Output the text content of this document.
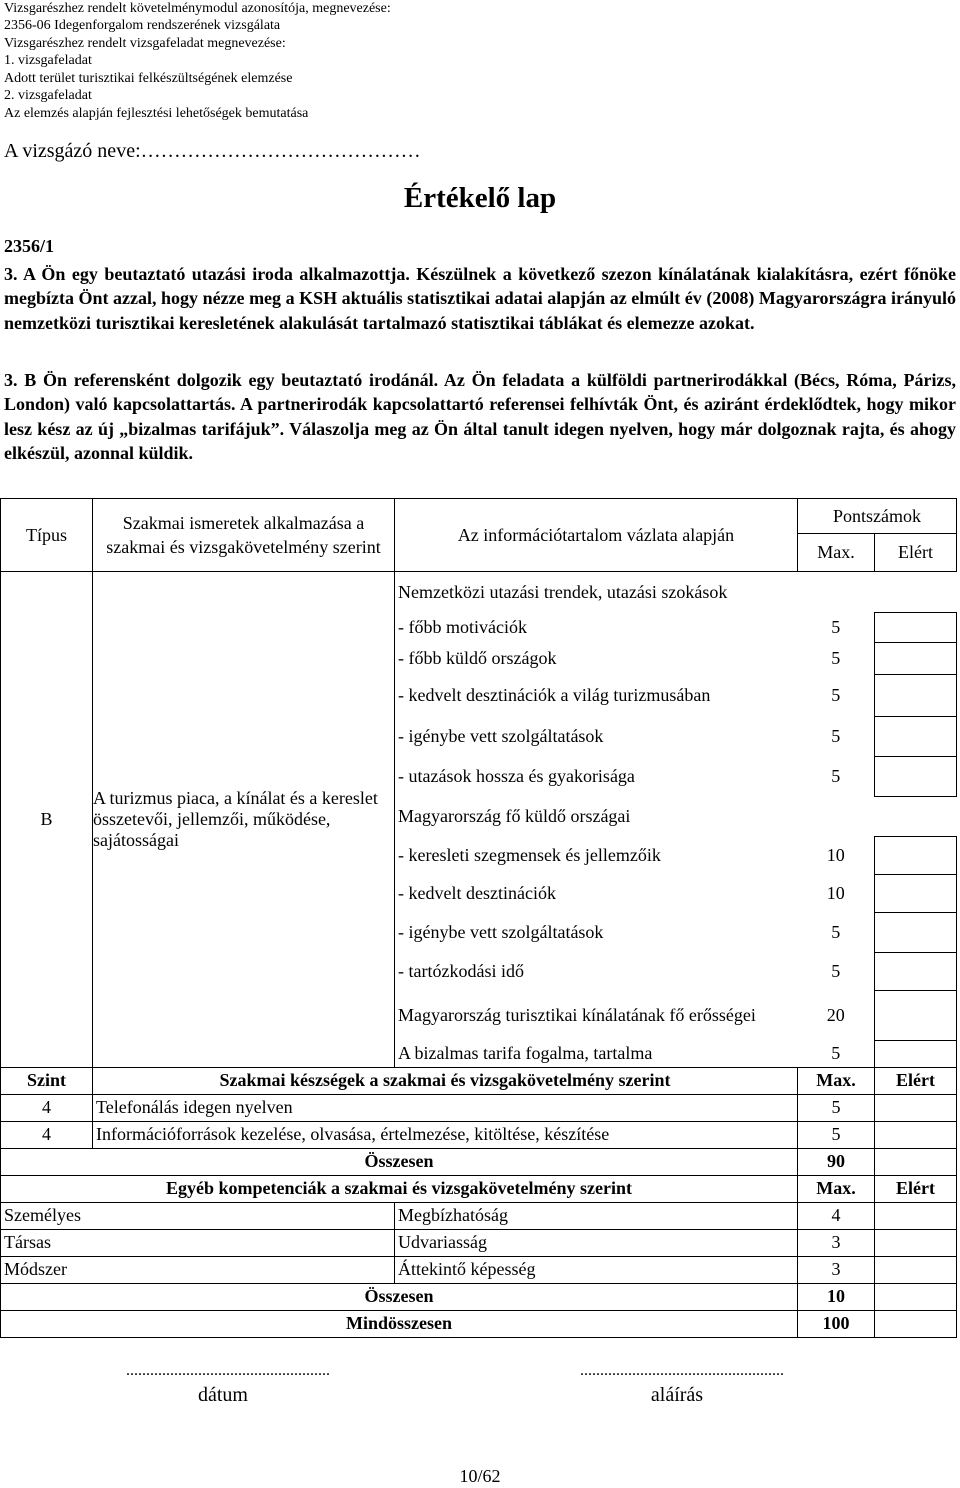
Vizsgarészhez rendelt követelménymodul azonosítója, megnevezése:
2356-06 Idegenforgalom rendszerének vizsgálata
Vizsgarészhez rendelt vizsgafeladat megnevezése:
1. vizsgafeladat
Adott terület turisztikai felkészültségének elemzése
2. vizsgafeladat
Az elemzés alapján fejlesztési lehetőségek bemutatása
A vizsgázó neve:……………………………………
Értékelő lap
2356/1
3. A Ön egy beutaztató utazási iroda alkalmazottja. Készülnek a következő szezon kínálatának kialakításra, ezért főnöke megbízta Önt azzal, hogy nézze meg a KSH aktuális statisztikai adatai alapján az elmúlt év (2008) Magyarországra irányuló nemzetközi turisztikai keresletének alakulását tartalmazó statisztikai táblákat és elemezze azokat.
3. B Ön referensként dolgozik egy beutaztató irodánál. Az Ön feladata a külföldi partnerirodákkal (Bécs, Róma, Párizs, London) való kapcsolattartás. A partnerirodák kapcsolattartó referensei felhívták Önt, és aziránt érdeklődtek, hogy mikor lesz kész az új „bizalmas tarifájuk”. Válaszolja meg az Ön által tanult idegen nyelven, hogy már dolgoznak rajta, és ahogy elkészül, azonnal küldik.
Típus	Szakmai ismeretek alkalmazása a szakmai és vizsgakövetelmény szerint	Az információtartalom vázlata alapján	Pontszámok	
			Max.	Elért
B	A turizmus piaca, a kínálat és a kereslet összetevői, jellemzői, működése, sajátosságai	Nemzetközi utazási trendek, utazási szokások		
		- főbb motivációk	5	
		- főbb küldő országok	5	
		- kedvelt desztinációk a világ turizmusában	5	
		- igénybe vett szolgáltatások	5	
		- utazások hossza és gyakorisága	5	
		Magyarország fő küldő országai		
		- keresleti szegmensek és jellemzőik	10	
		- kedvelt desztinációk	10	
		- igénybe vett szolgáltatások	5	
		- tartózkodási idő	5	
		Magyarország turisztikai kínálatának fő erősségei	20	
		A bizalmas tarifa fogalma, tartalma	5	
Szint	Szakmai készségek a szakmai és vizsgakövetelmény szerint		Max.	Elért
4	Telefonálás idegen nyelven		5	
4	Információforrások kezelése, olvasása, értelmezése, kitöltése, készítése		5	
Összesen			90	
Egyéb kompetenciák a szakmai és vizsgakövetelmény szerint			Max.	Elért
Személyes		Megbízhatóság	4	
Társas		Udvariasság	3	
Módszer		Áttekintő képesség	3	
Összesen			10	
Mindösszesen			100	
...................................................
dátum
...................................................
aláírás
10/62
